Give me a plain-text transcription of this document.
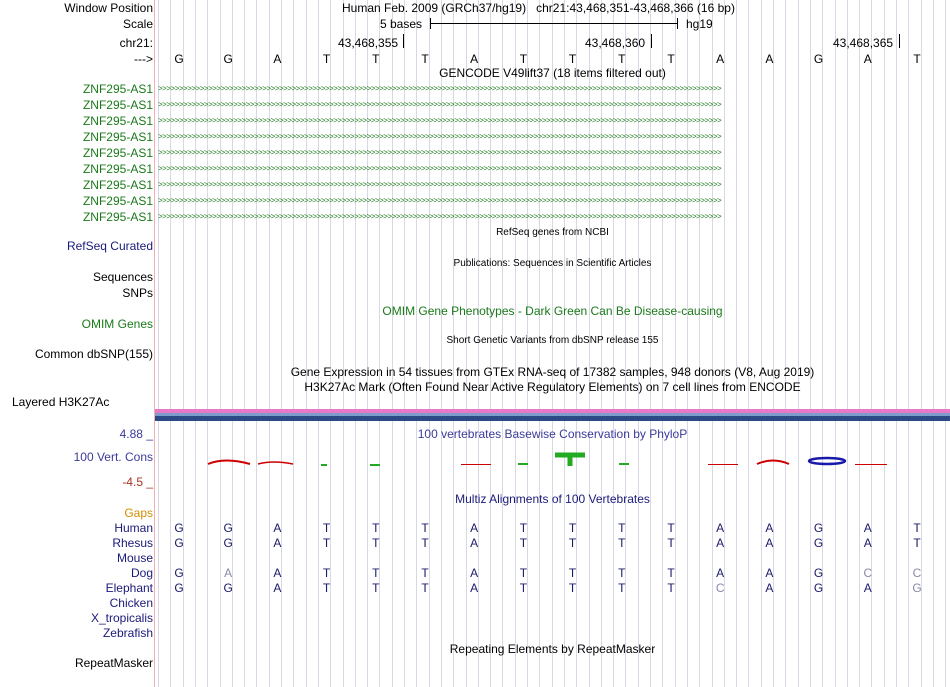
Window Position	Human Feb. 2009 (GRCh37/hg19) chr21:43,468,351-43,468,366 (16 bp)
Scale	5 bases	hg19
chr21:	43,468,355	43,468,360	43,468,365
--->	G	G	A	T	T	T	A	T	T	T	T	A	A	G	A	T
GENCODE V49lift37 (18 items filtered out)
ZNF295-AS1 >>>>>>>>>>>>>>>>>>>>>>>>>>>>>>>>>>>>>>>>>>>>>>>>>>>>>>>>>>>>>>>>>>>>>>>>>>>>>>>>>>>>>>>>>>>>>>>>>>>>>>>>>>>>>>>>>>>>>>>>>>>>>>>>>>>>>>>
ZNF295-AS1 >>>>>>>>>>>>>>>>>>>>>>>>>>>>>>>>>>>>>>>>>>>>>>>>>>>>>>>>>>>>>>>>>>>>>>>>>>>>>>>>>>>>>>>>>>>>>>>>>>>>>>>>>>>>>>>>>>>>>>>>>>>>>>>>>>>>>>>
ZNF295-AS1 >>>>>>>>>>>>>>>>>>>>>>>>>>>>>>>>>>>>>>>>>>>>>>>>>>>>>>>>>>>>>>>>>>>>>>>>>>>>>>>>>>>>>>>>>>>>>>>>>>>>>>>>>>>>>>>>>>>>>>>>>>>>>>>>>>>>>>>
ZNF295-AS1 >>>>>>>>>>>>>>>>>>>>>>>>>>>>>>>>>>>>>>>>>>>>>>>>>>>>>>>>>>>>>>>>>>>>>>>>>>>>>>>>>>>>>>>>>>>>>>>>>>>>>>>>>>>>>>>>>>>>>>>>>>>>>>>>>>>>>>>
ZNF295-AS1 >>>>>>>>>>>>>>>>>>>>>>>>>>>>>>>>>>>>>>>>>>>>>>>>>>>>>>>>>>>>>>>>>>>>>>>>>>>>>>>>>>>>>>>>>>>>>>>>>>>>>>>>>>>>>>>>>>>>>>>>>>>>>>>>>>>>>>>
ZNF295-AS1 >>>>>>>>>>>>>>>>>>>>>>>>>>>>>>>>>>>>>>>>>>>>>>>>>>>>>>>>>>>>>>>>>>>>>>>>>>>>>>>>>>>>>>>>>>>>>>>>>>>>>>>>>>>>>>>>>>>>>>>>>>>>>>>>>>>>>>>
ZNF295-AS1 >>>>>>>>>>>>>>>>>>>>>>>>>>>>>>>>>>>>>>>>>>>>>>>>>>>>>>>>>>>>>>>>>>>>>>>>>>>>>>>>>>>>>>>>>>>>>>>>>>>>>>>>>>>>>>>>>>>>>>>>>>>>>>>>>>>>>>>
ZNF295-AS1 >>>>>>>>>>>>>>>>>>>>>>>>>>>>>>>>>>>>>>>>>>>>>>>>>>>>>>>>>>>>>>>>>>>>>>>>>>>>>>>>>>>>>>>>>>>>>>>>>>>>>>>>>>>>>>>>>>>>>>>>>>>>>>>>>>>>>>>
ZNF295-AS1 >>>>>>>>>>>>>>>>>>>>>>>>>>>>>>>>>>>>>>>>>>>>>>>>>>>>>>>>>>>>>>>>>>>>>>>>>>>>>>>>>>>>>>>>>>>>>>>>>>>>>>>>>>>>>>>>>>>>>>>>>>>>>>>>>>>>>>>
RefSeq genes from NCBI
RefSeq Curated
Publications: Sequences in Scientific Articles
Sequences
SNPs
OMIM Gene Phenotypes - Dark Green Can Be Disease-causing
OMIM Genes
Short Genetic Variants from dbSNP release 155
Common dbSNP(155)
Gene Expression in 54 tissues from GTEx RNA-seq of 17382 samples, 948 donors (V8, Aug 2019)
H3K27Ac Mark (Often Found Near Active Regulatory Elements) on 7 cell lines from ENCODE
Layered H3K27Ac
100 vertebrates Basewise Conservation by PhyloP
4.88 _
100 Vert. Cons
-4.5 _
Multiz Alignments of 100 Vertebrates
Gaps
Human	G	G	A	T	T	T	A	T	T	T	T	A	A	G	A	T
Rhesus	G	G	A	T	T	T	A	T	T	T	T	A	A	G	A	T
Mouse
Dog	G	A	A	T	T	T	A	T	T	T	T	A	A	G	C	C
Elephant	G	G	A	T	T	T	A	T	T	T	T	C	A	G	A	G
Chicken
X_tropicalis
Zebrafish
Repeating Elements by RepeatMasker
RepeatMasker
